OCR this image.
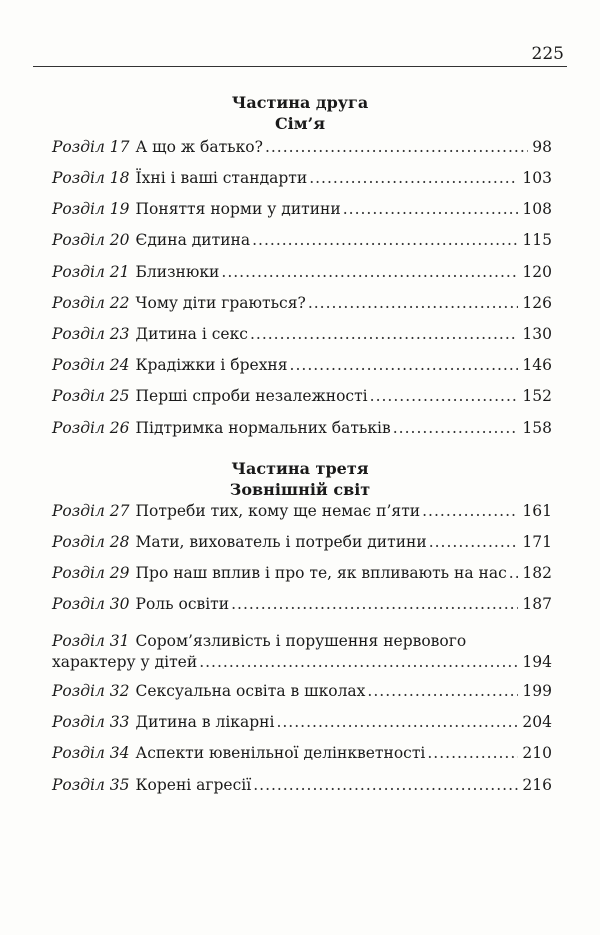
225
Частина друга
Сім’я
Розділ 17 А що ж батько? .....	98
Розділ 18 Їхні і ваші стандарти .....	103
Розділ 19 Поняття норми у дитини .....	108
Розділ 20 Єдина дитина .....	115
Розділ 21 Близнюки .....	120
Розділ 22 Чому діти граються? .....	126
Розділ 23 Дитина і секс .....	130
Розділ 24 Крадіжки і брехня .....	146
Розділ 25 Перші спроби незалежності .....	152
Розділ 26 Підтримка нормальних батьків .....	158
Частина третя
Зовнішній світ
Розділ 27 Потреби тих, кому ще немає п’яти .....	161
Розділ 28 Мати, вихователь і потреби дитини .....	171
Розділ 29 Про наш вплив і про те, як впливають на нас ..... 182
Розділ 30 Роль освіти .....	187
Розділ 31 Сором’язливість і порушення нервового
характеру у дітей .....	194
Розділ 32 Сексуальна освіта в школах .....	199
Розділ 33 Дитина в лікарні .....	204
Розділ 34 Аспекти ювенільної делінкветності .....	210
Розділ 35 Корені агресії .....	216
